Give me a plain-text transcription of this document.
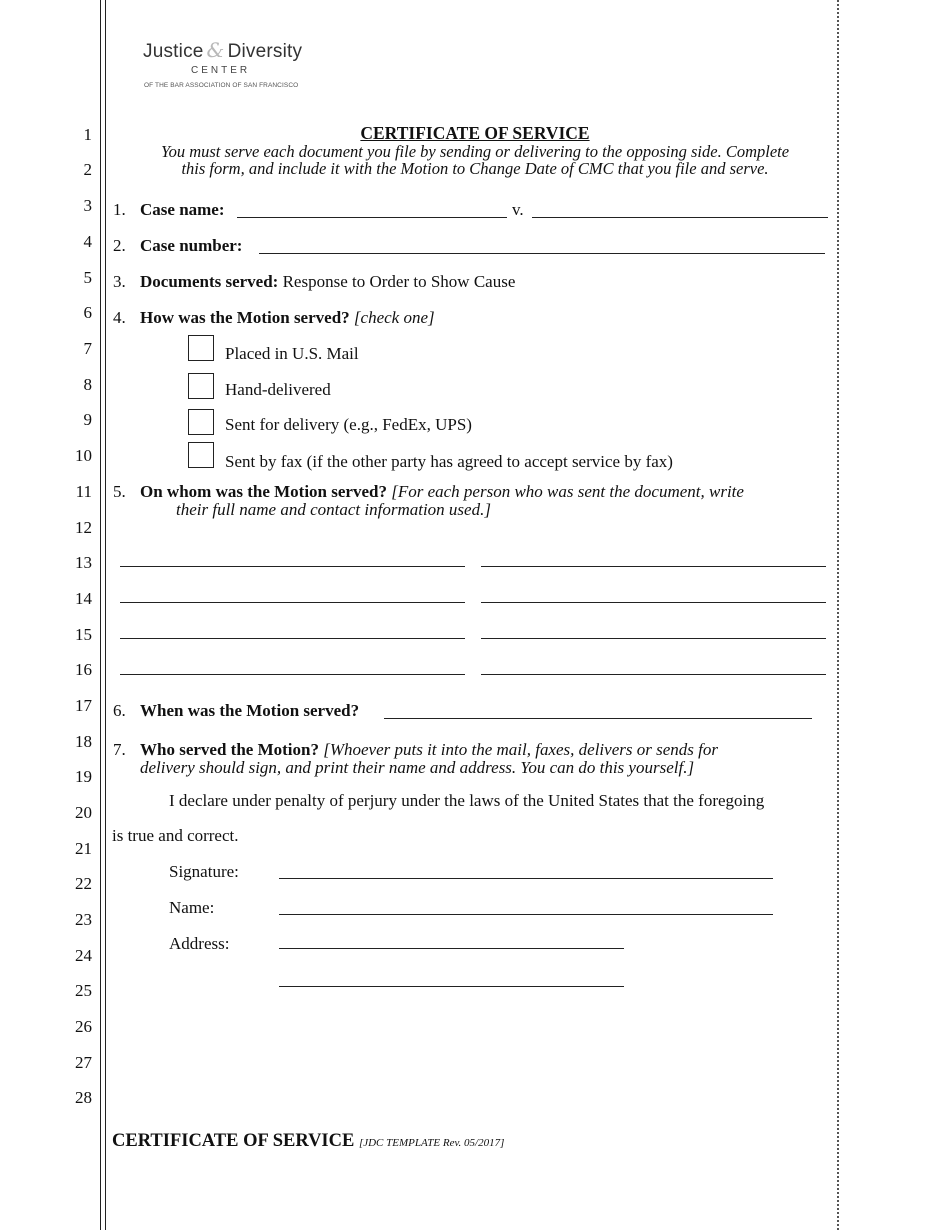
1
2
3
4
5
6
7
8
9
10
11
12
13
14
15
16
17
18
19
20
21
22
23
24
25
26
27
28
Justice & Diversity
CENTER
OF THE BAR ASSOCIATION OF SAN FRANCISCO
CERTIFICATE OF SERVICE
You must serve each document you file by sending or delivering to the opposing side. Complete
this form, and include it with the Motion to Change Date of CMC that you file and serve.
1. Case name:	v.
2. Case number:
3. Documents served: Response to Order to Show Cause
4. How was the Motion served? [check one]
Placed in U.S. Mail
Hand-delivered
Sent for delivery (e.g., FedEx, UPS)
Sent by fax (if the other party has agreed to accept service by fax)
5. On whom was the Motion served? [For each person who was sent the document, write
their full name and contact information used.]
6. When was the Motion served?
7. Who served the Motion? [Whoever puts it into the mail, faxes, delivers or sends for
delivery should sign, and print their name and address. You can do this yourself.]
I declare under penalty of perjury under the laws of the United States that the foregoing
is true and correct.
Signature:
Name:
Address:
CERTIFICATE OF SERVICE [JDC TEMPLATE Rev. 05/2017]
